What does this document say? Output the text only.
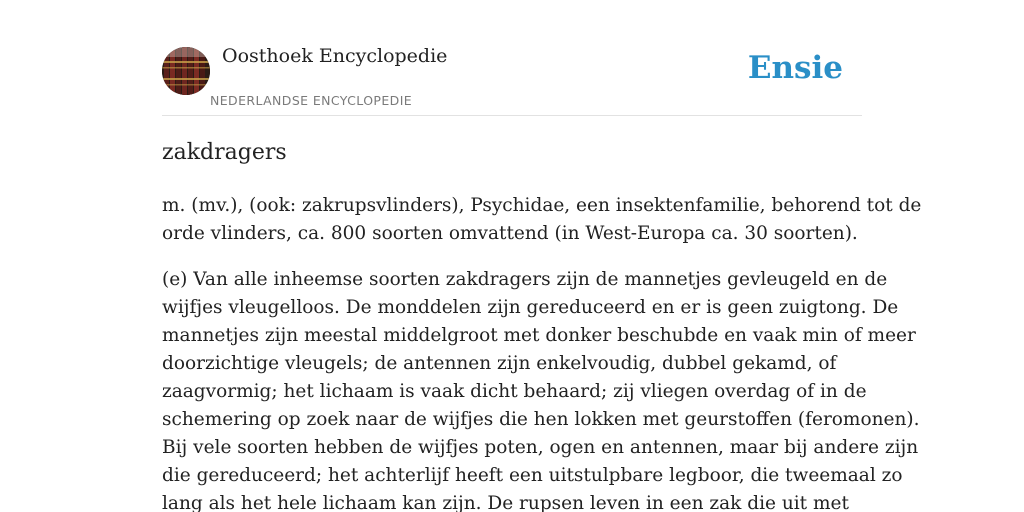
Oosthoek Encyclopedie
NEDERLANDSE ENCYCLOPEDIE
Ensie
zakdragers

m. (mv.), (ook: zakrupsvlinders), Psychidae, een insektenfamilie, behorend tot de
orde vlinders, ca. 800 soorten omvattend (in West-Europa ca. 30 soorten).

(e) Van alle inheemse soorten zakdragers zijn de mannetjes gevleugeld en de
wijfjes vleugelloos. De monddelen zijn gereduceerd en er is geen zuigtong. De
mannetjes zijn meestal middelgroot met donker beschubde en vaak min of meer
doorzichtige vleugels; de antennen zijn enkelvoudig, dubbel gekamd, of
zaagvormig; het lichaam is vaak dicht behaard; zij vliegen overdag of in de
schemering op zoek naar de wijfjes die hen lokken met geurstoffen (feromonen).
Bij vele soorten hebben de wijfjes poten, ogen en antennen, maar bij andere zijn
die gereduceerd; het achterlijf heeft een uitstulpbare legboor, die tweemaal zo
lang als het hele lichaam kan zijn. De rupsen leven in een zak die uit met
